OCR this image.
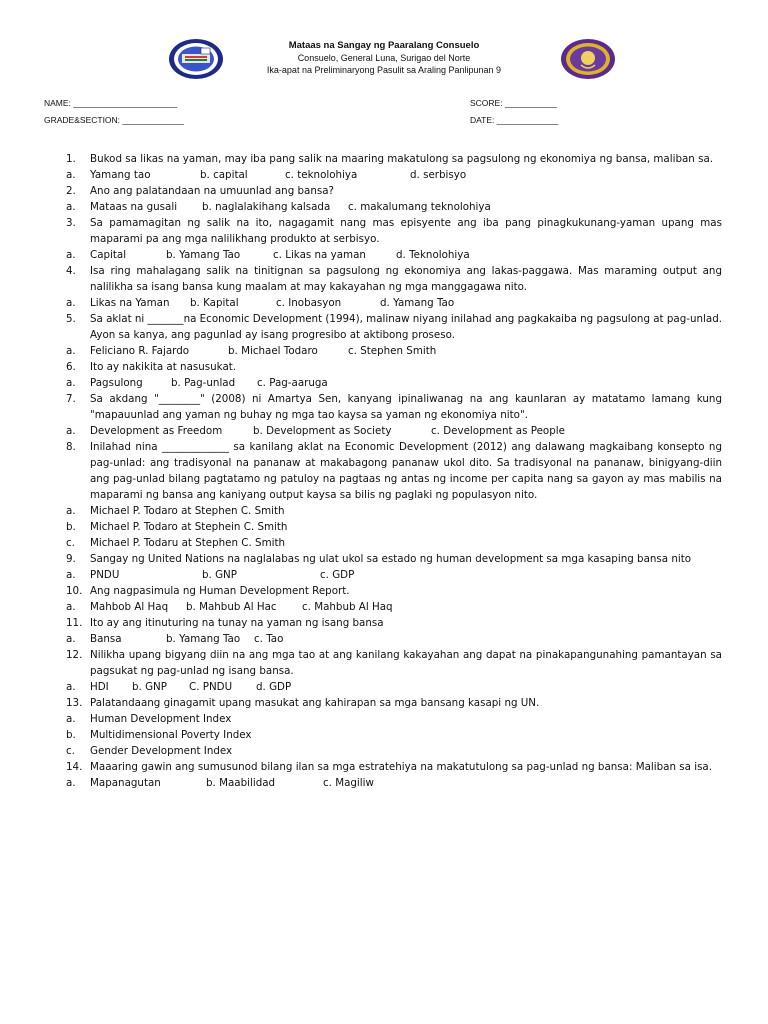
Mataas na Sangay ng Paaralang Consuelo
Consuelo, General Luna, Surigao del Norte
Ika-apat na Preliminaryong Pasulit sa Araling Panlipunan 9
NAME: ______________________	SCORE: ___________
GRADE&SECTION: _____________	DATE: _____________
1.	Bukod sa likas na yaman, may iba pang salik na maaring makatulong sa pagsulong ng ekonomiya ng bansa, maliban sa.
a.	Yamang tao	b. capital	c. teknolohiya	d. serbisyo
2.	Ano ang palatandaan na umuunlad ang bansa?
a.	Mataas na gusali	b. naglalakihang kalsada	c. makalumang teknolohiya
3.	Sa pamamagitan ng salik na ito, nagagamit nang mas episyente ang iba pang pinagkukunang-yaman upang mas maparami pa ang mga nalilikhang produkto at serbisyo.
a.	Capital	b. Yamang Tao	c. Likas na yaman	d. Teknolohiya
4.	Isa ring mahalagang salik na tinitignan sa pagsulong ng ekonomiya ang lakas-paggawa. Mas maraming output ang nalilikha sa isang bansa kung maalam at may kakayahan ng mga manggagawa nito.
a.	Likas na Yaman	b. Kapital	c. Inobasyon	d. Yamang Tao
5.	Sa aklat ni _______na Economic Development (1994), malinaw niyang inilahad ang pagkakaiba ng pagsulong at pag-unlad. Ayon sa kanya, ang pagunlad ay isang progresibo at aktibong proseso.
a.	Feliciano R. Fajardo	b. Michael Todaro	c. Stephen Smith
6.	Ito ay nakikita at nasusukat.
a.	Pagsulong	b. Pag-unlad	c. Pag-aaruga
7.	Sa akdang "________" (2008) ni Amartya Sen, kanyang ipinaliwanag na ang kaunlaran ay matatamo lamang kung "mapauunlad ang yaman ng buhay ng mga tao kaysa sa yaman ng ekonomiya nito".
a.	Development as Freedom	b. Development as Society	c. Development as People
8.	Inilahad nina _____________ sa kanilang aklat na Economic Development (2012) ang dalawang magkaibang konsepto ng pag-unlad: ang tradisyonal na pananaw at makabagong pananaw ukol dito. Sa tradisyonal na pananaw, binigyang-diin ang pag-unlad bilang pagtatamo ng patuloy na pagtaas ng antas ng income per capita nang sa gayon ay mas mabilis na maparami ng bansa ang kaniyang output kaysa sa bilis ng paglaki ng populasyon nito.
a.	Michael P. Todaro at Stephen C. Smith
b.	Michael P. Todaro at Stephein C. Smith
c.	Michael P. Todaru at Stephen C. Smith
9.	Sangay ng United Nations na naglalabas ng ulat ukol sa estado ng human development sa mga kasaping bansa nito
a.	PNDU	b. GNP	c. GDP
10. Ang nagpasimula ng Human Development Report.
a.	Mahbob Al Haq	b. Mahbub Al Hac	c. Mahbub Al Haq
11. Ito ay ang itinuturing na tunay na yaman ng isang bansa
a.	Bansa	b. Yamang Tao	c. Tao
12. Nilikha upang bigyang diin na ang mga tao at ang kanilang kakayahan ang dapat na pinakapangunahing pamantayan sa pagsukat ng pag-unlad ng isang bansa.
a.	HDI	b. GNP	C. PNDU	d. GDP
13. Palatandaang ginagamit upang masukat ang kahirapan sa mga bansang kasapi ng UN.
a.	Human Development Index
b.	Multidimensional Poverty Index
c.	Gender Development Index
14. Maaaring gawin ang sumusunod bilang ilan sa mga estratehiya na makatutulong sa pag-unlad ng bansa: Maliban sa isa.
a.	Mapanagutan	b. Maabilidad	c. Magiliw
